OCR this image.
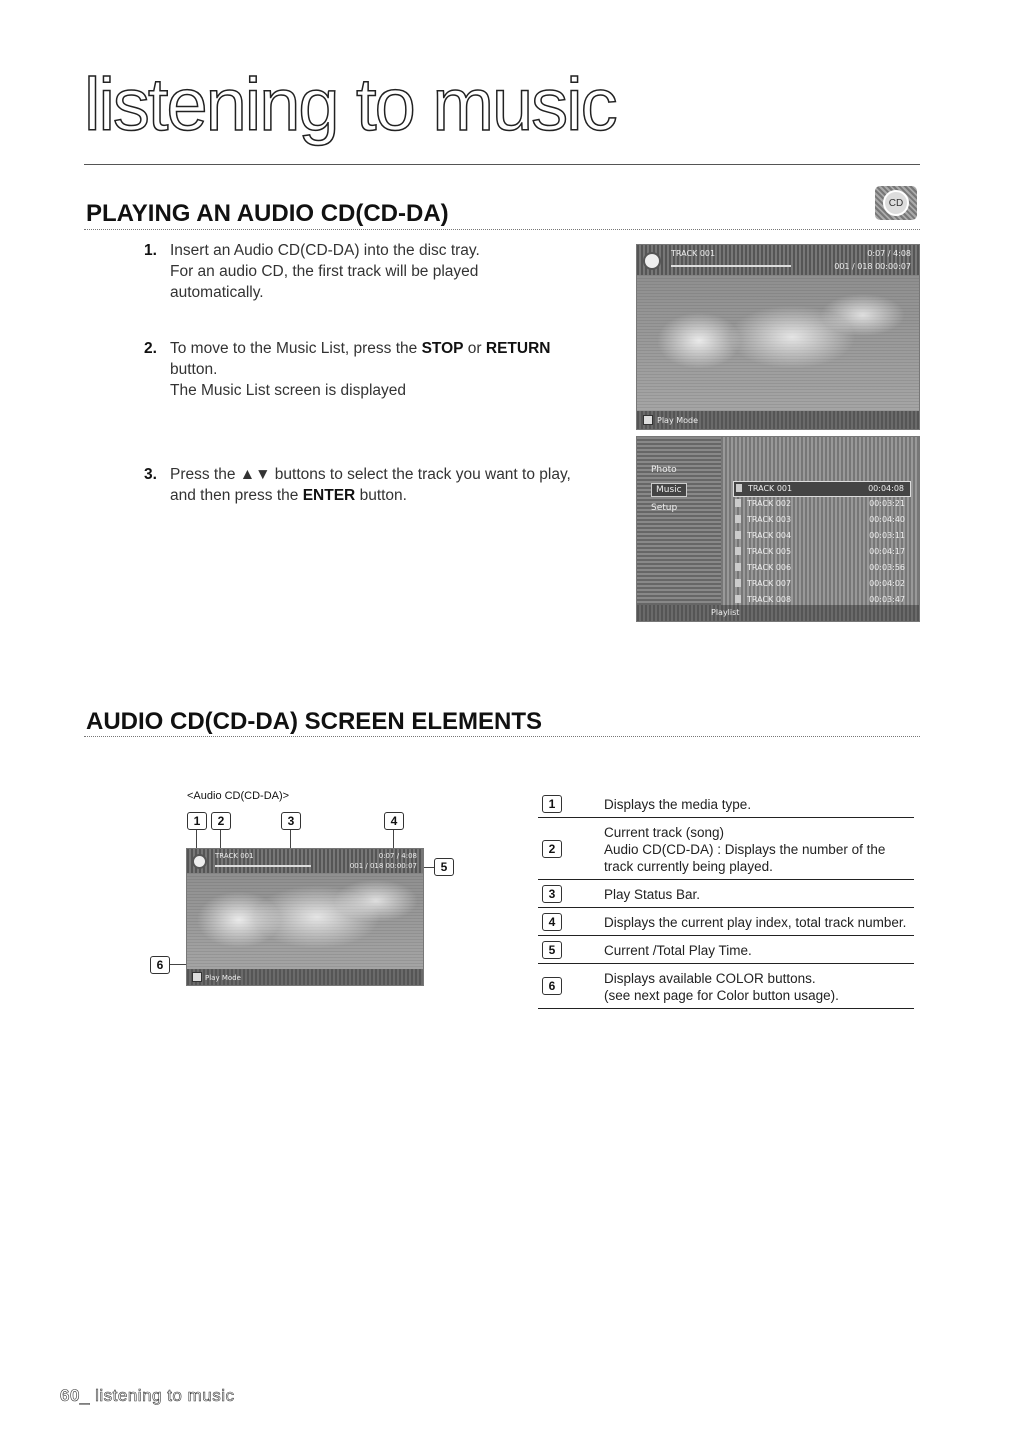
listening to music
PLAYING AN AUDIO CD(CD-DA)	CD
1. Insert an Audio CD(CD-DA) into the disc tray.
For an audio CD, the first track will be played
automatically.
2. To move to the Music List, press the STOP or RETURN
button.
The Music List screen is displayed
3. Press the ▲▼ buttons to select the track you want to play,
and then press the ENTER button.
TRACK 001	0:07 / 4:08
001 / 018 00:00:07
Play Mode
Photo
Music
Setup
TRACK 001	00:04:08
TRACK 002	00:03:21
TRACK 003	00:04:40
TRACK 004	00:03:11
TRACK 005	00:04:17
TRACK 006	00:03:56
TRACK 007	00:04:02
TRACK 008	00:03:47
Playlist
AUDIO CD(CD-DA) SCREEN ELEMENTS
<Audio CD(CD-DA)>
1	2	3	4
5
6
TRACK 001	0:07 / 4:08
001 / 018 00:00:07
Play Mode
1	Displays the media type.
2
Current track (song)
Audio CD(CD-DA) : Displays the number of the
track currently being played.
3	Play Status Bar.
4	Displays the current play index, total track number.
5	Current /Total Play Time.
6	Displays available COLOR buttons.
(see next page for Color button usage).
60_ listening to music
